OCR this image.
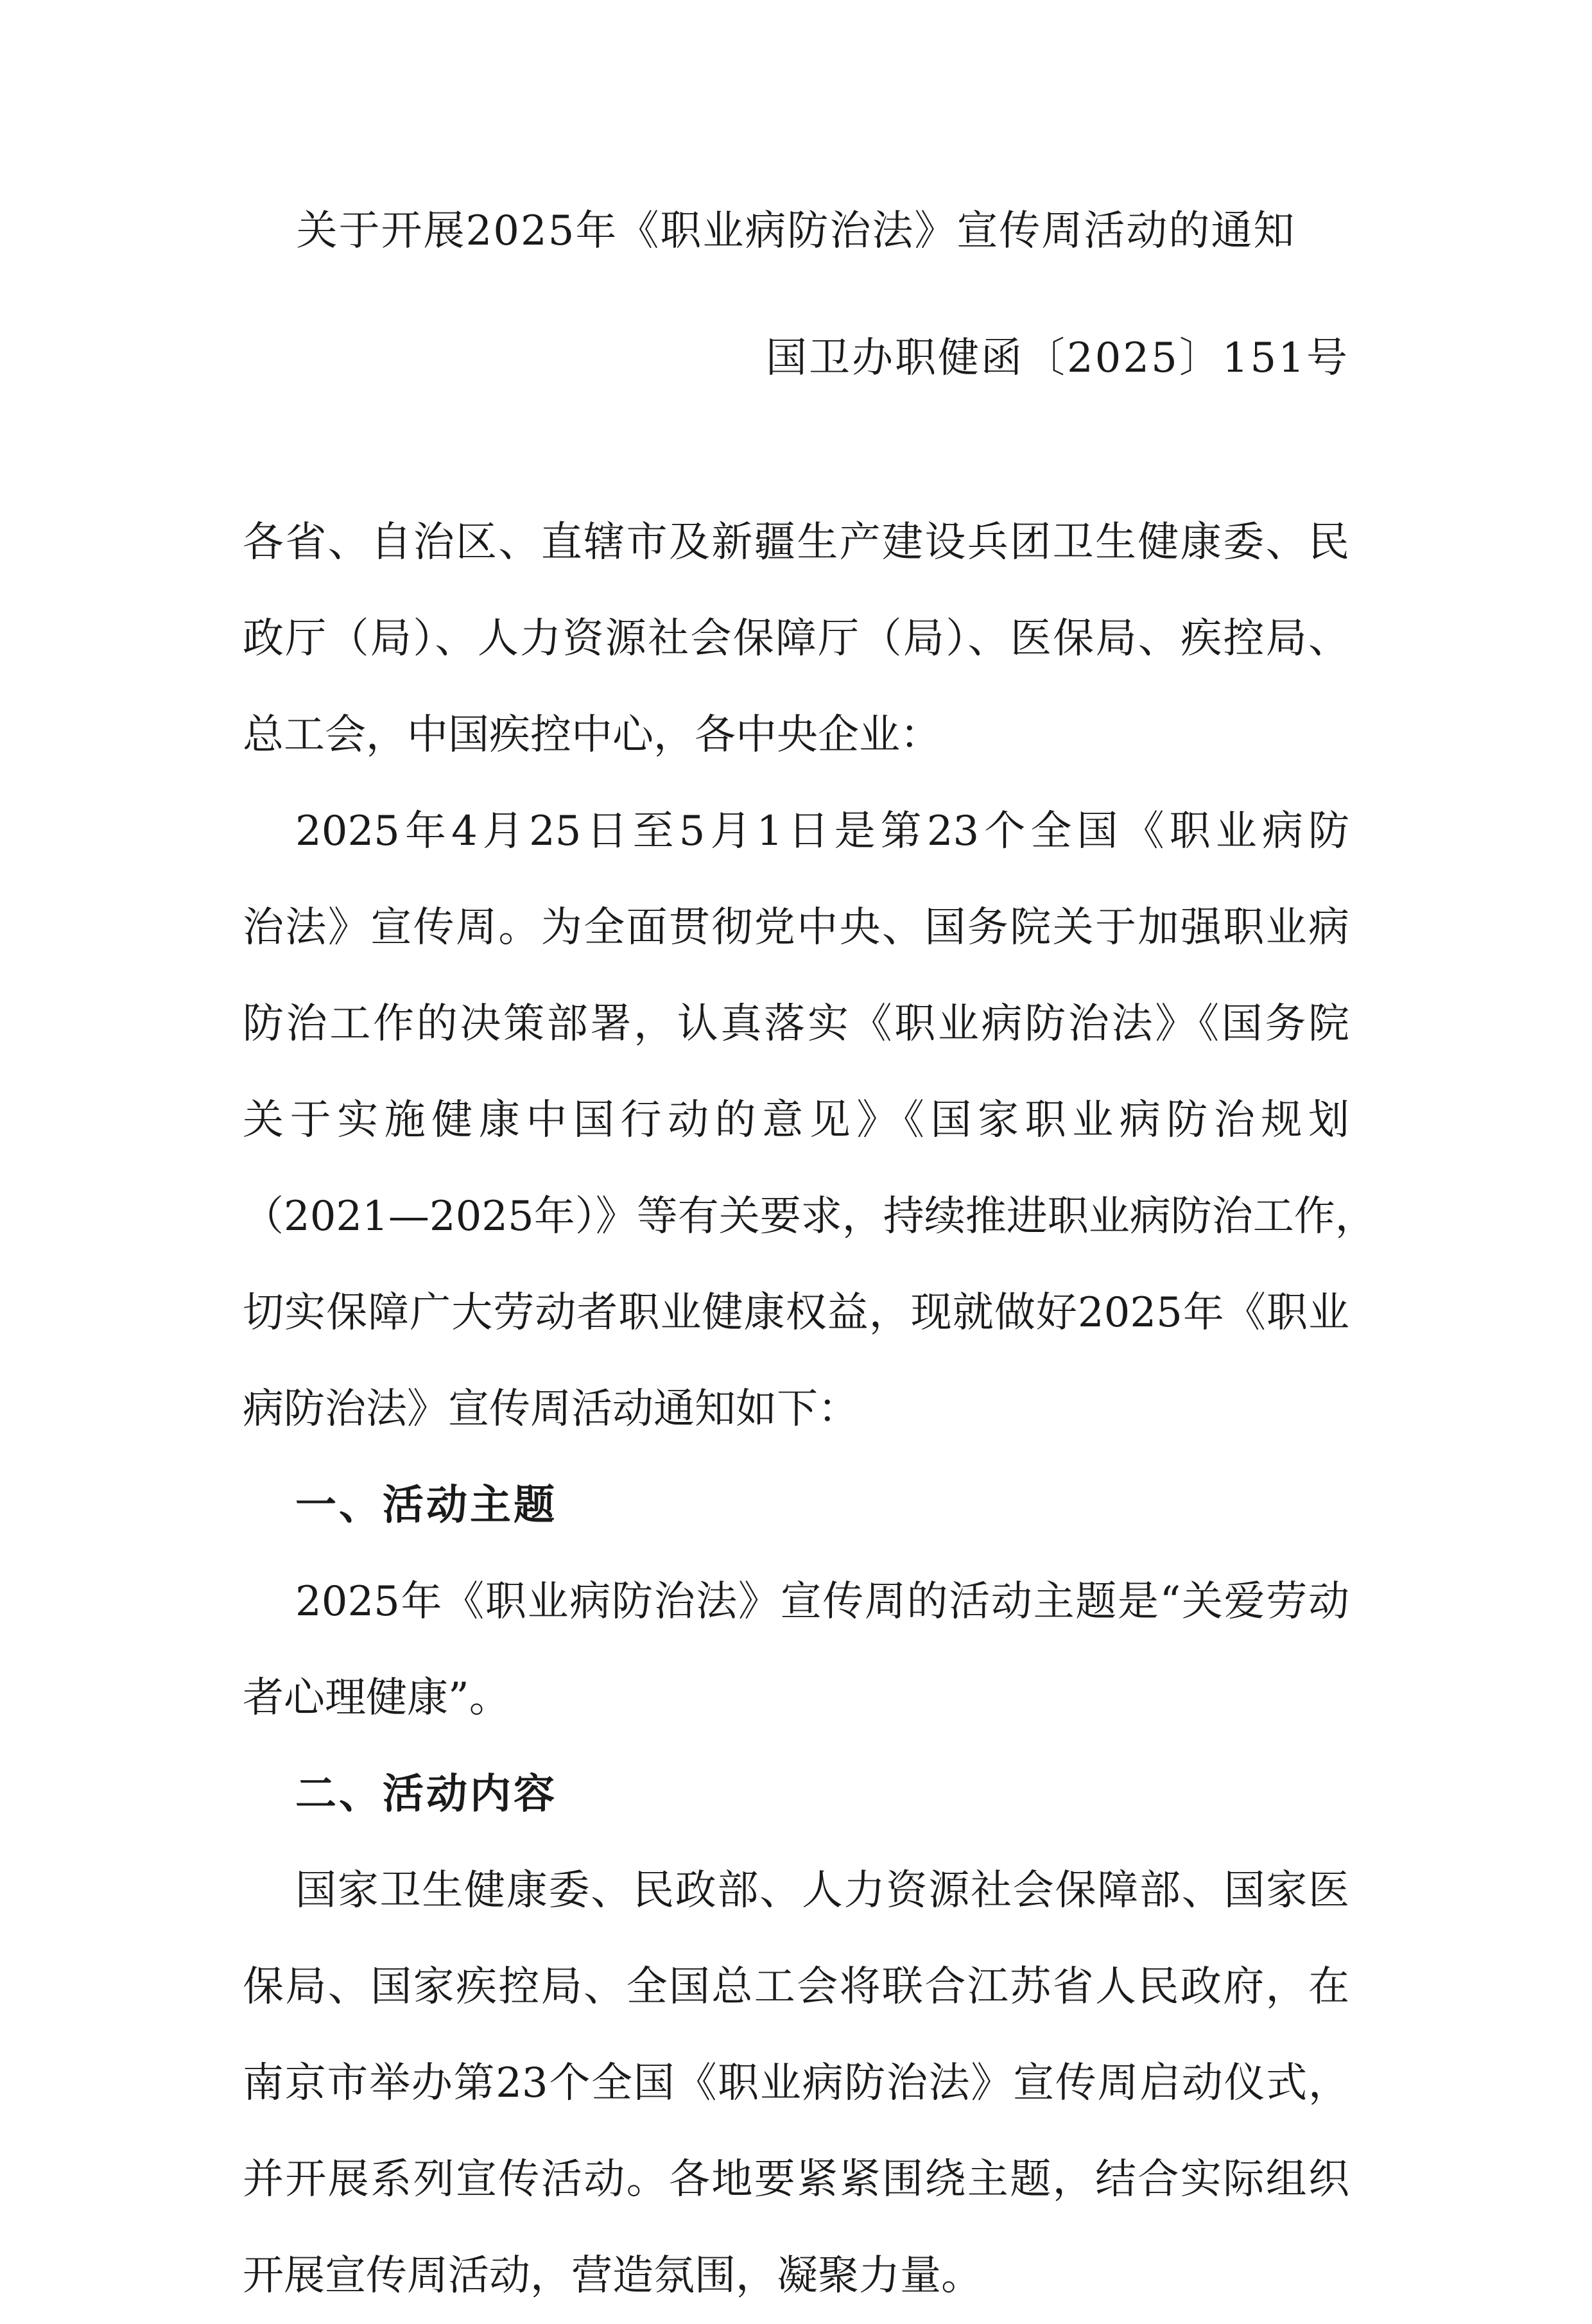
关于开展2025年《职业病防治法》宣传周活动的通知
国卫办职健函〔2025〕151号
各省、自治区、直辖市及新疆生产建设兵团卫生健康委、民
政厅（局）、人力资源社会保障厅（局）、医保局、疾控局、
总工会，中国疾控中心，各中央企业：
2025年4月25日至5月1日是第23个全国《职业病防
治法》宣传周。为全面贯彻党中央、国务院关于加强职业病
防治工作的决策部署，认真落实《职业病防治法》《国务院
关于实施健康中国行动的意见》《国家职业病防治规划
（2021—2025年）》等有关要求，持续推进职业病防治工作，
切实保障广大劳动者职业健康权益，现就做好2025年《职业
病防治法》宣传周活动通知如下：
一、活动主题
2025年《职业病防治法》宣传周的活动主题是“关爱劳动
者心理健康”。
二、活动内容
国家卫生健康委、民政部、人力资源社会保障部、国家医
保局、国家疾控局、全国总工会将联合江苏省人民政府，在
南京市举办第23个全国《职业病防治法》宣传周启动仪式，
并开展系列宣传活动。各地要紧紧围绕主题，结合实际组织
开展宣传周活动，营造氛围，凝聚力量。
